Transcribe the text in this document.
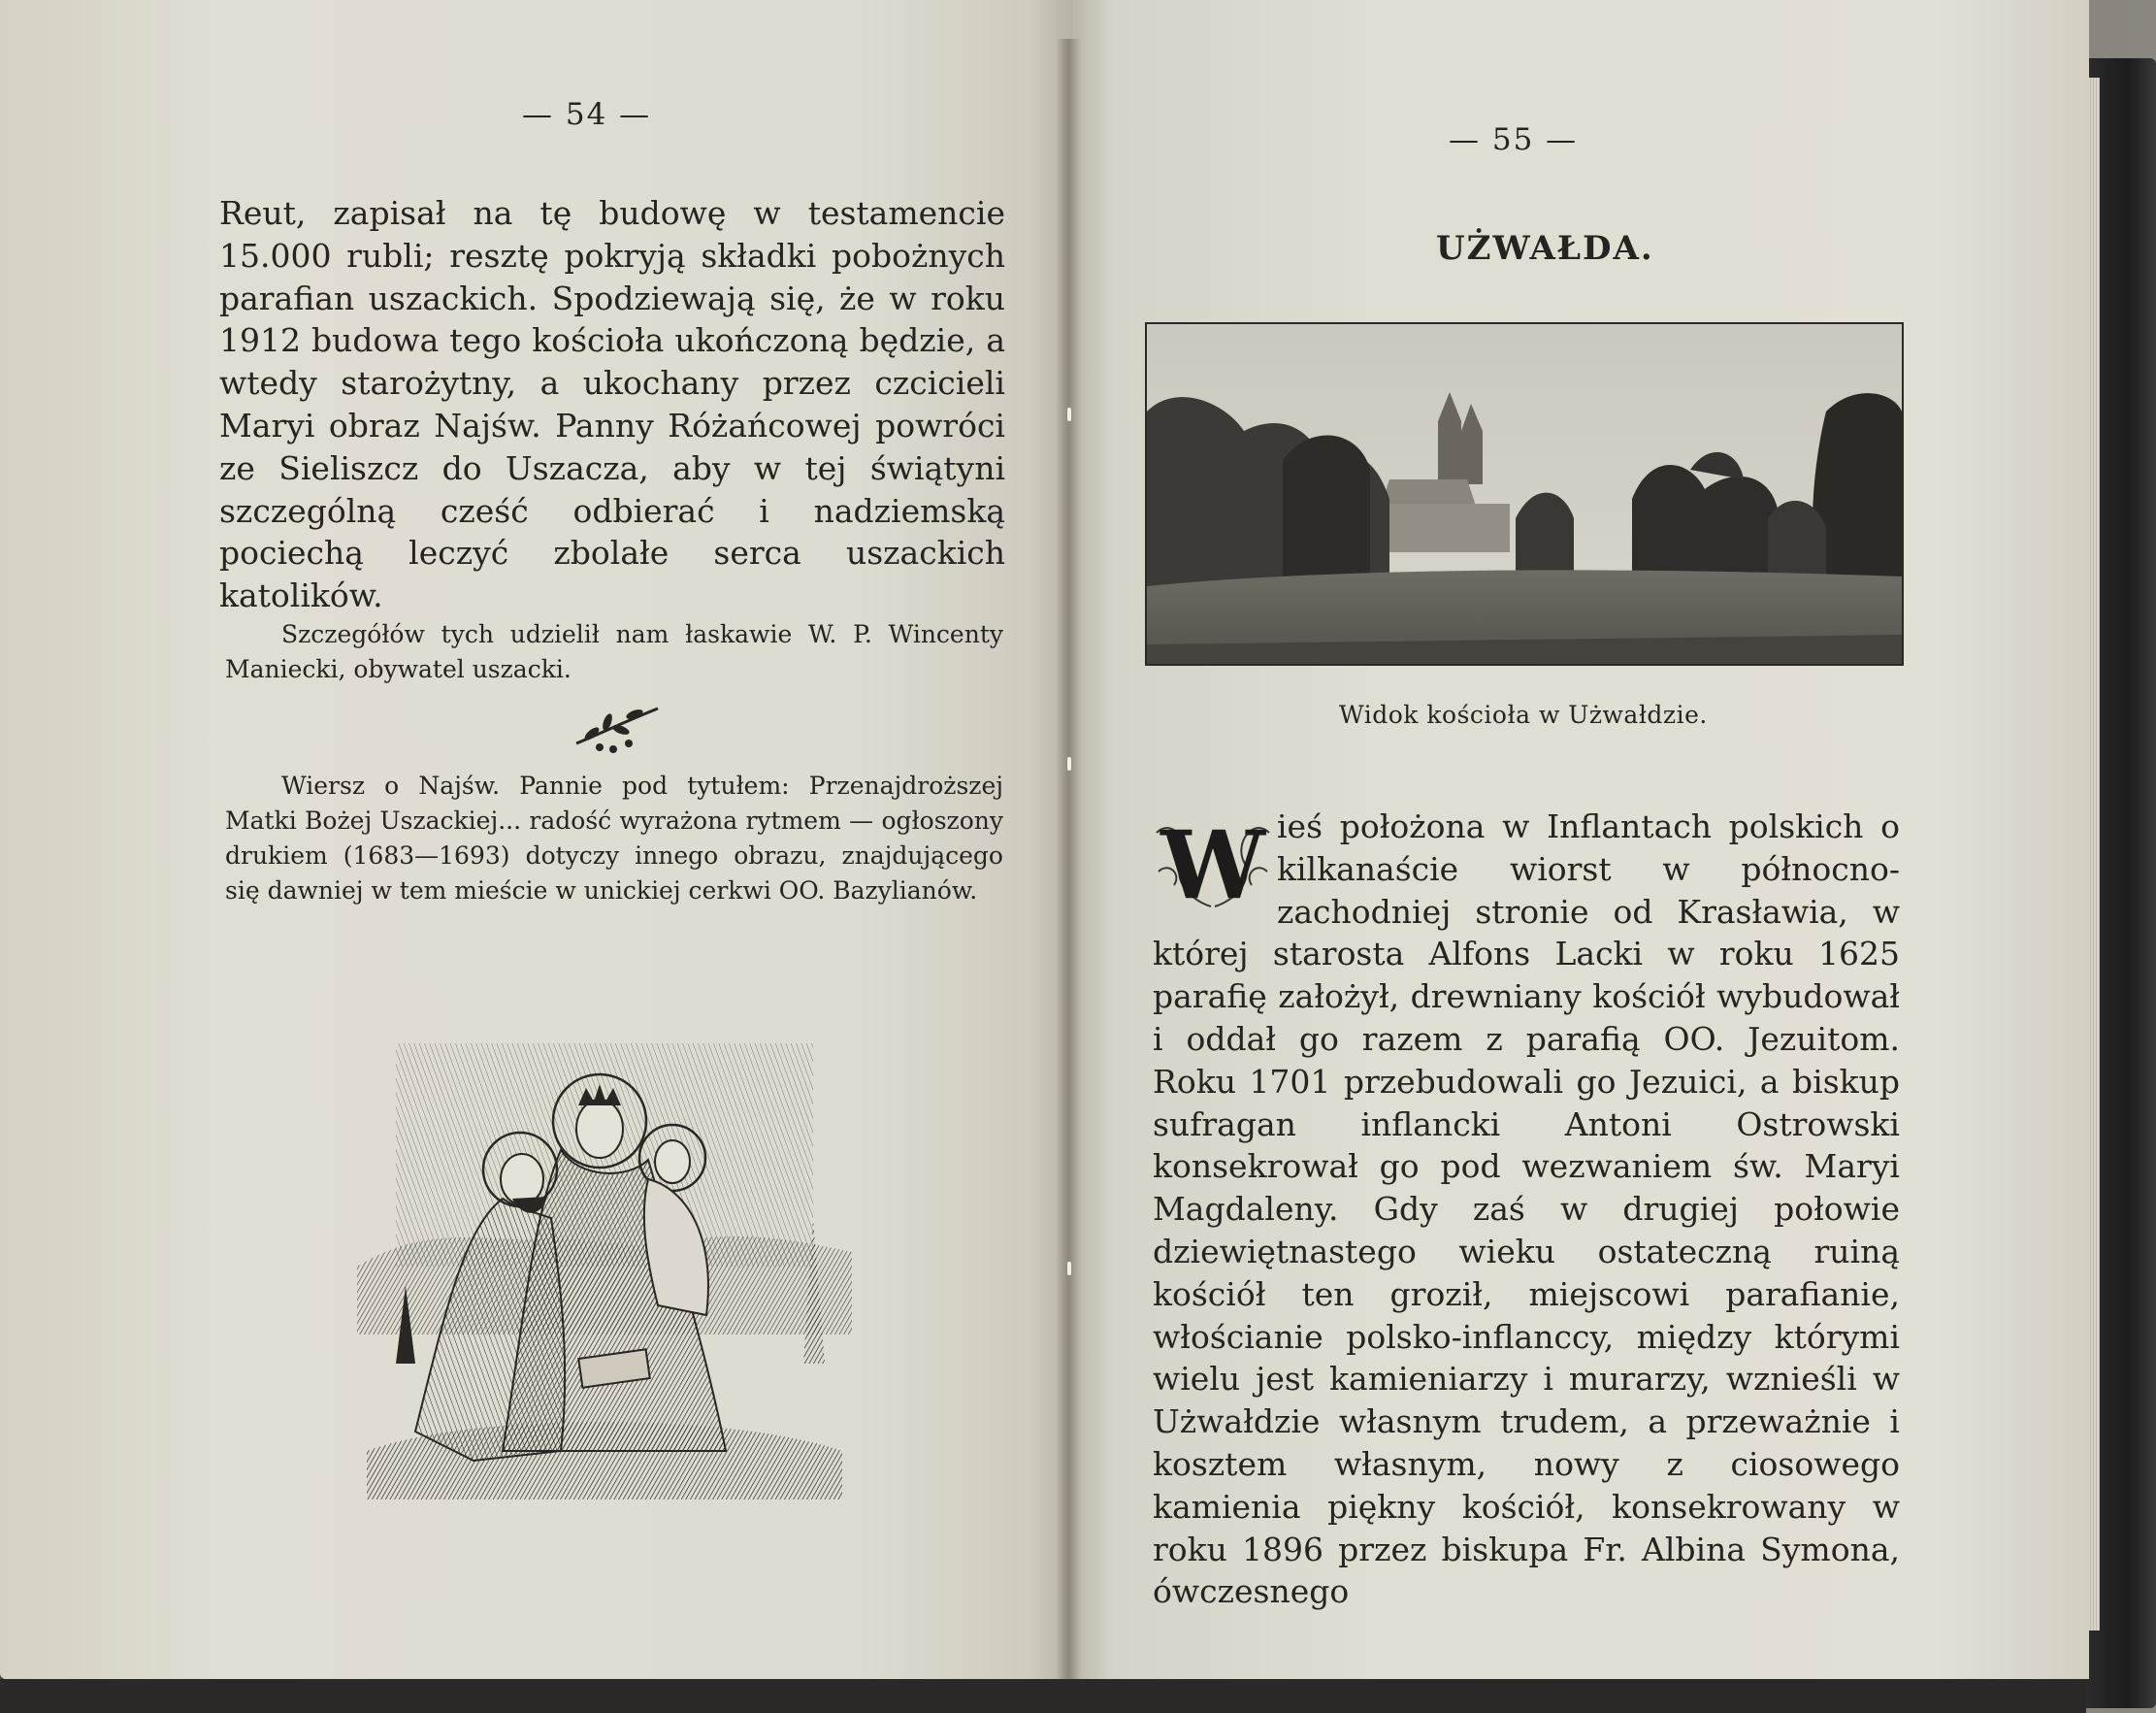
— 54 —
Reut, zapisał na tę budowę w testamencie 15.000 rubli; resztę pokryją składki pobożnych parafian uszackich. Spodziewają się, że w roku 1912 budowa tego kościoła ukończoną będzie, a wtedy starożytny, a ukochany przez czcicieli Maryi obraz Najśw. Panny Różańcowej powróci ze Sieliszcz do Uszacza, aby w tej świątyni szczególną cześć odbierać i nadziemską pociechą leczyć zbolałe serca uszackich katolików.
Szczegółów tych udzielił nam łaskawie W. P. Wincenty Maniecki, obywatel uszacki.
Wiersz o Najśw. Pannie pod tytułem: Przenajdroższej Matki Bożej Uszackiej... radość wyrażona rytmem — ogłoszony drukiem (1683—1693) dotyczy innego obrazu, znajdującego się dawniej w tem mieście w unickiej cerkwi OO. Bazylianów.
— 55 —
UŻWAŁDA.
Widok kościoła w Użwałdzie.
ieś położona w Inflantach polskich o kilkanaście wiorst w północno-zachodniej stronie od Krasławia, w której starosta Alfons Lacki w roku 1625 parafię założył, drewniany kościół wybudował i oddał go razem z parafią OO. Jezuitom. Roku 1701 przebudowali go Jezuici, a biskup sufragan inflancki Antoni Ostrowski konsekrował go pod wezwaniem św. Maryi Magdaleny. Gdy zaś w drugiej połowie dziewiętnastego wieku ostateczną ruiną kościół ten groził, miejscowi parafianie, włościanie polsko-inflanccy, między którymi wielu jest kamieniarzy i murarzy, wznieśli w Użwałdzie własnym trudem, a przeważnie i kosztem własnym, nowy z ciosowego kamienia piękny kościół, konsekrowany w roku 1896 przez biskupa Fr. Albina Symona, ówczesnego
W
